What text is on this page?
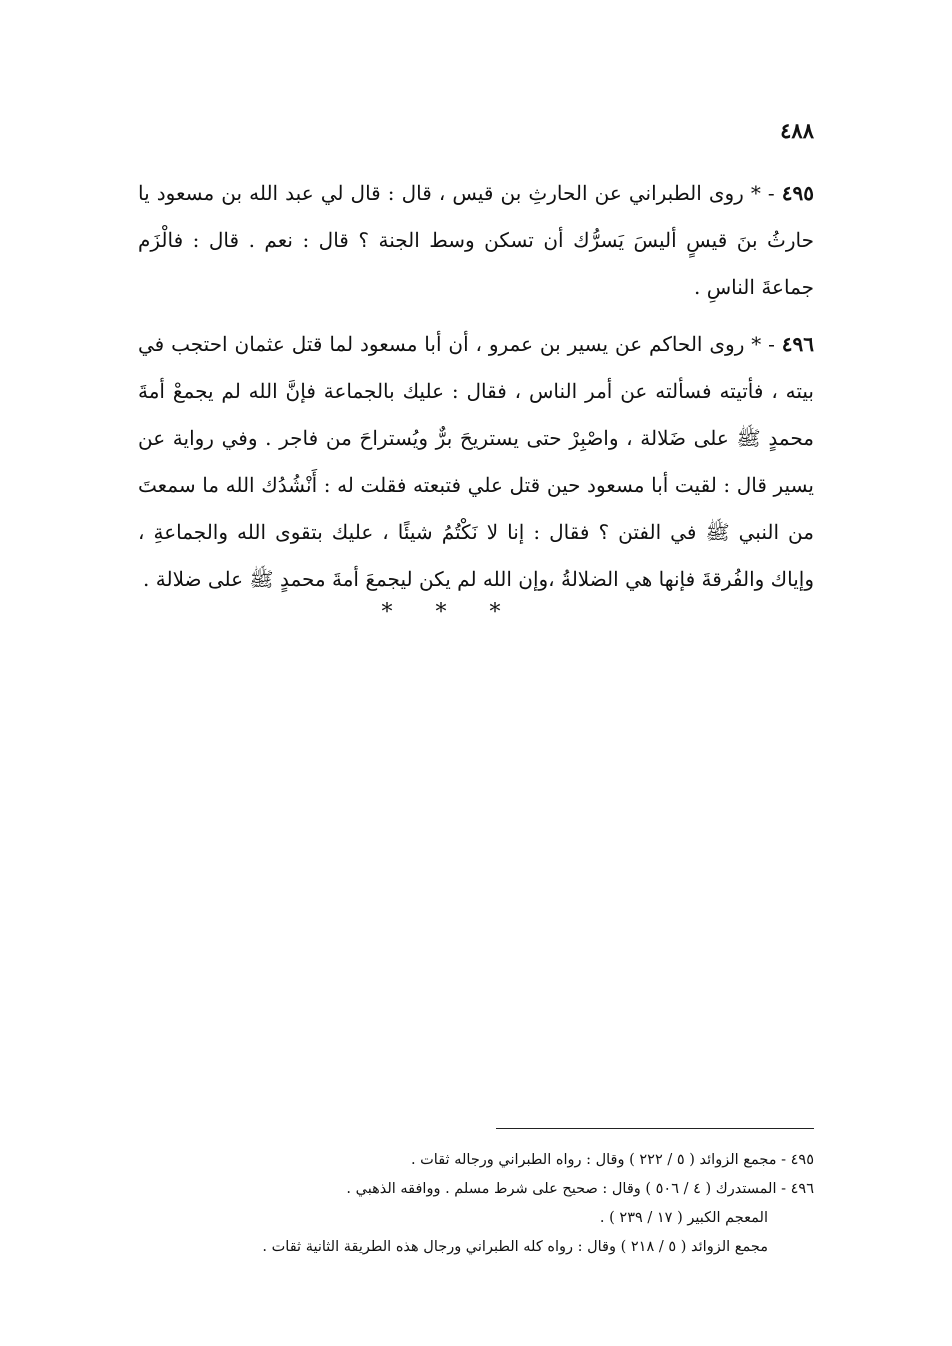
٤٨٨

٤٩٥ - * روى الطبراني عن الحارثِ بن قيس ، قال : قال لي عبد الله بن مسعود يا حارثُ بنَ قيسٍ أليسَ يَسرُّك أن تسكن وسط الجنة ؟ قال : نعم . قال : فالْزَم جماعةَ الناسِ .

٤٩٦ - * روى الحاكم عن يسير بن عمرو ، أن أبا مسعود لما قتل عثمان احتجب في بيته ، فأتيته فسألته عن أمر الناس ، فقال : عليك بالجماعة فإنَّ الله لم يجمعْ أمةَ محمدٍ ﷺ على ضَلالة ، واصْبِرْ حتى يستريحَ برٌّ ويُستراحَ من فاجر . وفي رواية عن يسير قال : لقيت أبا مسعود حين قتل علي فتبعته فقلت له : أَنْشُدُك الله ما سمعتَ من النبي ﷺ في الفتن ؟ فقال : إنا لا نَكْتُمُ شيئًا ، عليك بتقوى الله والجماعةِ ، وإياك والفُرقةَ فإنها هي الضلالةُ ،وإن الله لم يكن ليجمعَ أمةَ محمدٍ ﷺ على ضلالة .

* * *

٤٩٥ - مجمع الزوائد ( ٥ / ٢٢٢ ) وقال : رواه الطبراني ورجاله ثقات .

٤٩٦ - المستدرك ( ٤ / ٥٠٦ ) وقال : صحيح على شرط مسلم . ووافقه الذهبي .

المعجم الكبير ( ١٧ / ٢٣٩ ) .

مجمع الزوائد ( ٥ / ٢١٨ ) وقال : رواه كله الطبراني ورجال هذه الطريقة الثانية ثقات .
